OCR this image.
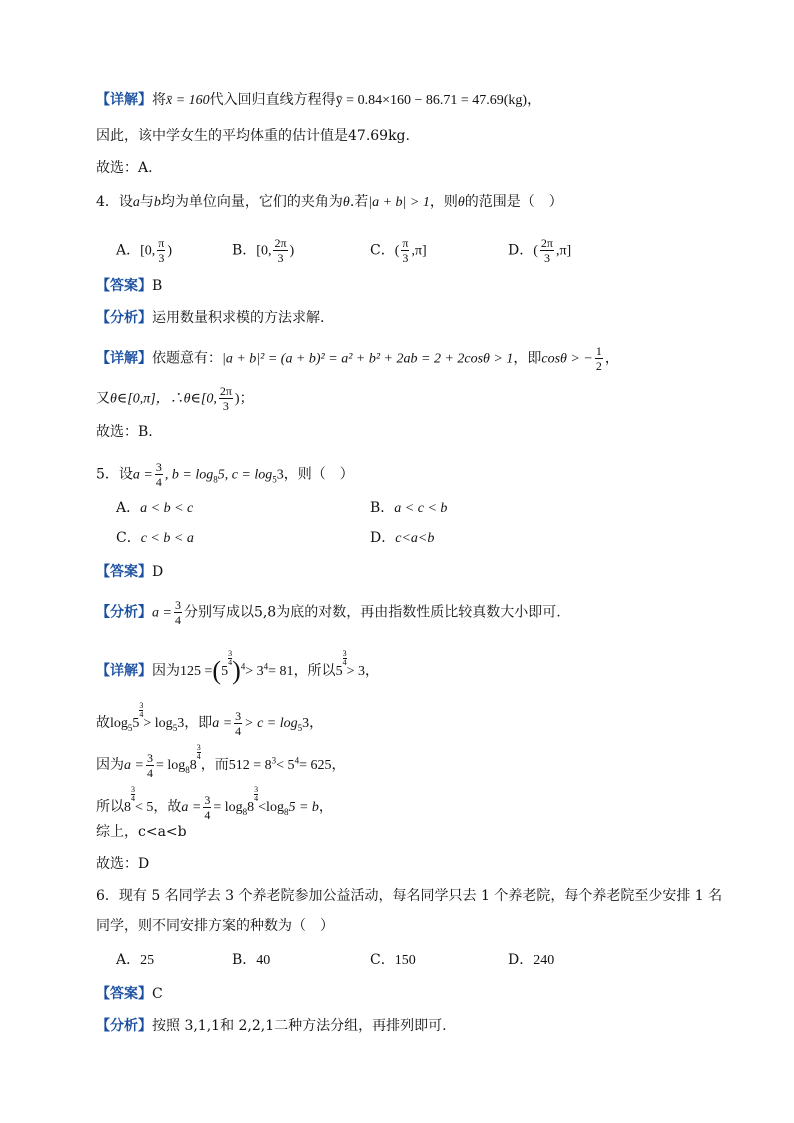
【详解】将x̄ = 160代入回归直线方程得ȳ = 0.84×160 − 86.71 = 47.69(kg)，
因此，该中学女生的平均体重的估计值是47.69kg.
故选：A.
4．设a与b均为单位向量，它们的夹角为θ.若|a + b| > 1，则θ的范围是（　）
A．[0, $\frac{\pi}{3}$ )	B．[0, $\frac{2\pi}{3}$ )	C．( $\frac{\pi}{3} ,\pi$]	D．( $\frac{2\pi}{3} ,\pi$]
【答案】B
【分析】运用数量积求模的方法求解.
【详解】依题意有：|a + b|² = (a + b)² = a² + b² + 2ab = 2 + 2cosθ > 1，即cosθ > − $\frac{1}{2}$ ，
又θ∈[0,π]，∴θ∈[0, $\frac{2\pi}{3}$ )；
故选：B.
5．设$a = \frac{3}{4}$ , $b = \log_85$, $c = \log_53$，则（　）
A．a < b < c	B．a < c < b
C．c < b < a	D．c<a<b
【答案】D
【分析】$a = \frac{3}{4}$ 分别写成以5,8为底的对数，再由指数性质比较真数大小即可.
【详解】因为125 =(5
$\frac{3}{4} )^4> 3^4= 81$，所以5
$\frac{3}{4}$
> 3，
故$\log_55$
$\frac{3}{4}$
> $\log_53$，即$a = \frac{3}{4} > c = \log_53$，
因为$a = \frac{3}{4} = \log_88$
$\frac{3}{4}$
，而$512 = 8^3< 5^4= 625$，
所以8
$\frac{3}{4}$
< 5，故$a = \frac{3}{4} = \log_88$
$\frac{3}{4}$
$<\log_85 = b$，
综上，c<a<b
故选：D
6．现有 5 名同学去 3 个养老院参加公益活动，每名同学只去 1 个养老院，每个养老院至少安排 1 名
同学，则不同安排方案的种数为（　）
A．25	B．40	C．150	D．240
【答案】C
【分析】按照 3,1,1和 2,2,1二种方法分组，再排列即可.
